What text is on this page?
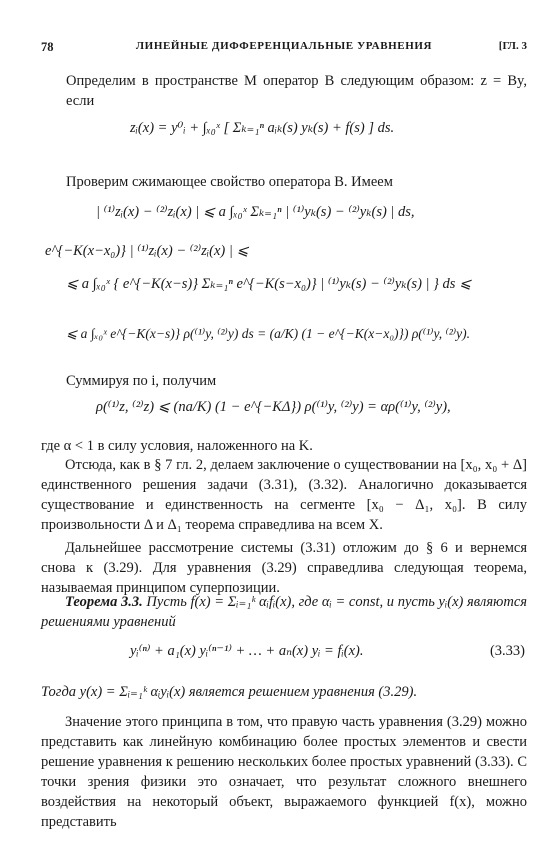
78	ЛИНЕЙНЫЕ ДИФФЕРЕНЦИАЛЬНЫЕ УРАВНЕНИЯ	[ГЛ. 3

Определим в пространстве M оператор B следующим образом: z = By, если

zᵢ(x) = y⁰ᵢ + ∫ₓ₀ˣ [ Σₖ₌₁ⁿ aᵢₖ(s) yₖ(s) + f(s) ] ds.

Проверим сжимающее свойство оператора B. Имеем

| ⁽¹⁾zᵢ(x) − ⁽²⁾zᵢ(x) | ⩽ a ∫ₓ₀ˣ Σₖ₌₁ⁿ | ⁽¹⁾yₖ(s) − ⁽²⁾yₖ(s) | ds,
e^{−K(x−x₀)} | ⁽¹⁾zᵢ(x) − ⁽²⁾zᵢ(x) | ⩽
⩽ a ∫ₓ₀ˣ { e^{−K(x−s)} Σₖ₌₁ⁿ e^{−K(s−x₀)} | ⁽¹⁾yₖ(s) − ⁽²⁾yₖ(s) | } ds ⩽
⩽ a ∫ₓ₀ˣ e^{−K(x−s)} ρ(⁽¹⁾y, ⁽²⁾y) ds = (a/K) (1 − e^{−K(x−x₀)}) ρ(⁽¹⁾y, ⁽²⁾y).

Суммируя по i, получим

ρ(⁽¹⁾z, ⁽²⁾z) ⩽ (na/K) (1 − e^{−KΔ}) ρ(⁽¹⁾y, ⁽²⁾y) = αρ(⁽¹⁾y, ⁽²⁾y),

где α < 1 в силу условия, наложенного на K.

Отсюда, как в § 7 гл. 2, делаем заключение о существовании на [x₀, x₀ + Δ] единственного решения задачи (3.31), (3.32). Аналогично доказывается существование и единственность на сегменте [x₀ − Δ₁, x₀]. В силу произвольности Δ и Δ₁ теорема справедлива на всем X.

Дальнейшее рассмотрение системы (3.31) отложим до § 6 и вернемся снова к (3.29). Для уравнения (3.29) справедлива следующая теорема, называемая принципом суперпозиции.

Теорема 3.3. Пусть f(x) = Σᵢ₌₁ᵏ αᵢfᵢ(x), где αᵢ = const, и пусть yᵢ(x) являются решениями уравнений

yᵢ⁽ⁿ⁾ + a₁(x) yᵢ⁽ⁿ⁻¹⁾ + … + aₙ(x) yᵢ = fᵢ(x).	(3.33)

Тогда y(x) = Σᵢ₌₁ᵏ αᵢyᵢ(x) является решением уравнения (3.29).

Значение этого принципа в том, что правую часть уравнения (3.29) можно представить как линейную комбинацию более простых элементов и свести решение уравнения к решению нескольких более простых уравнений (3.33). С точки зрения физики это означает, что результат сложного внешнего воздействия на некоторый объект, выражаемого функцией f(x), можно представить
